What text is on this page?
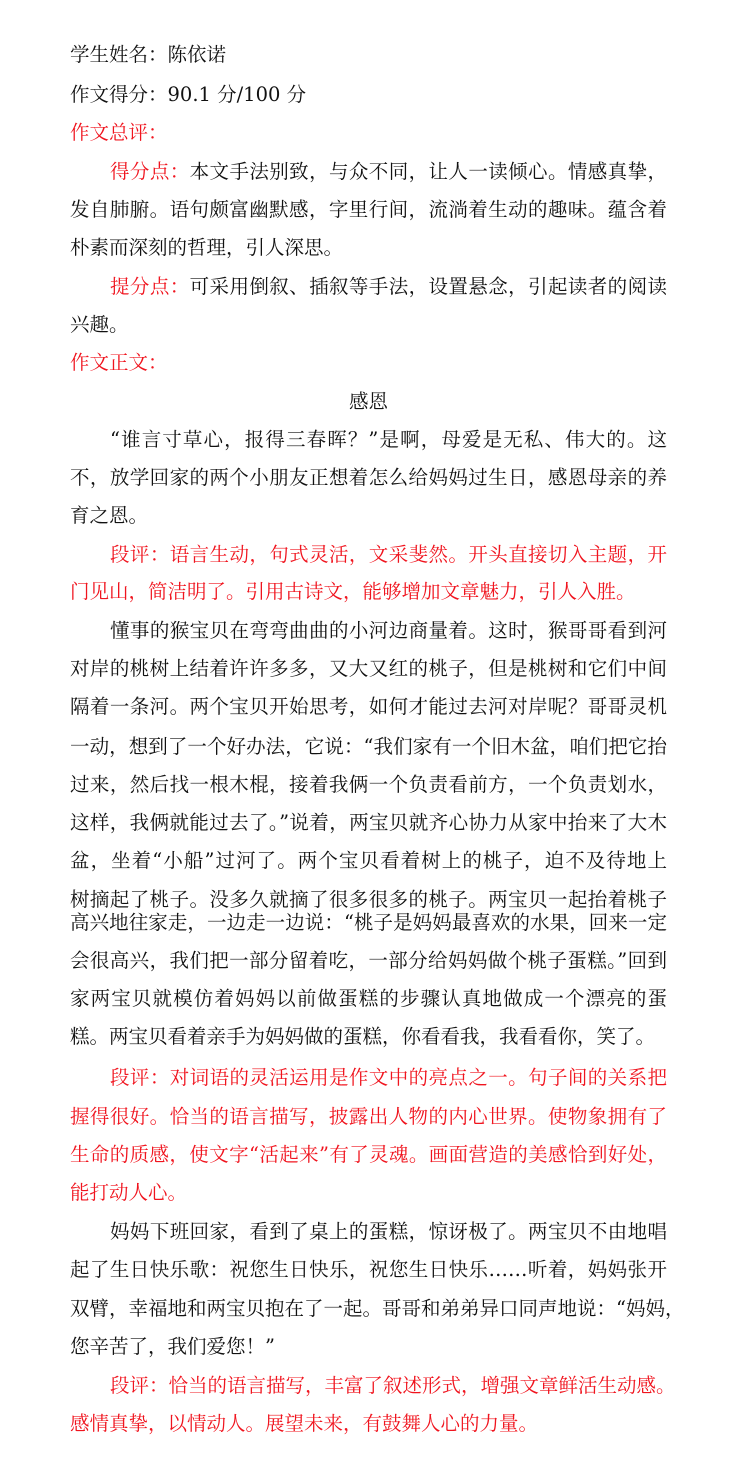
学生姓名：陈依诺
作文得分：90.1 分/100 分
作文总评：
得分点：本文手法别致，与众不同，让人一读倾心。情感真挚，
发自肺腑。语句颇富幽默感，字里行间，流淌着生动的趣味。蕴含着
朴素而深刻的哲理，引人深思。
提分点：可采用倒叙、插叙等手法，设置悬念，引起读者的阅读
兴趣。
作文正文：
感恩
“谁言寸草心，报得三春晖？”是啊，母爱是无私、伟大的。这
不，放学回家的两个小朋友正想着怎么给妈妈过生日，感恩母亲的养
育之恩。
段评：语言生动，句式灵活，文采斐然。开头直接切入主题，开
门见山，简洁明了。引用古诗文，能够增加文章魅力，引人入胜。
懂事的猴宝贝在弯弯曲曲的小河边商量着。这时，猴哥哥看到河
对岸的桃树上结着许许多多，又大又红的桃子，但是桃树和它们中间
隔着一条河。两个宝贝开始思考，如何才能过去河对岸呢？哥哥灵机
一动，想到了一个好办法，它说：“我们家有一个旧木盆，咱们把它抬
过来，然后找一根木棍，接着我俩一个负责看前方，一个负责划水，
这样，我俩就能过去了。”说着，两宝贝就齐心协力从家中抬来了大木
盆，坐着“小船”过河了。两个宝贝看着树上的桃子，迫不及待地上
树摘起了桃子。没多久就摘了很多很多的桃子。两宝贝一起抬着桃子
高兴地往家走，一边走一边说：“桃子是妈妈最喜欢的水果，回来一定
会很高兴，我们把一部分留着吃，一部分给妈妈做个桃子蛋糕。”回到
家两宝贝就模仿着妈妈以前做蛋糕的步骤认真地做成一个漂亮的蛋
糕。两宝贝看着亲手为妈妈做的蛋糕，你看看我，我看看你，笑了。
段评：对词语的灵活运用是作文中的亮点之一。句子间的关系把
握得很好。恰当的语言描写，披露出人物的内心世界。使物象拥有了
生命的质感，使文字“活起来”有了灵魂。画面营造的美感恰到好处，
能打动人心。
妈妈下班回家，看到了桌上的蛋糕，惊讶极了。两宝贝不由地唱
起了生日快乐歌：祝您生日快乐，祝您生日快乐……听着，妈妈张开
双臂，幸福地和两宝贝抱在了一起。哥哥和弟弟异口同声地说：“妈妈，
您辛苦了，我们爱您！”
段评：恰当的语言描写，丰富了叙述形式，增强文章鲜活生动感。
感情真挚，以情动人。展望未来，有鼓舞人心的力量。
